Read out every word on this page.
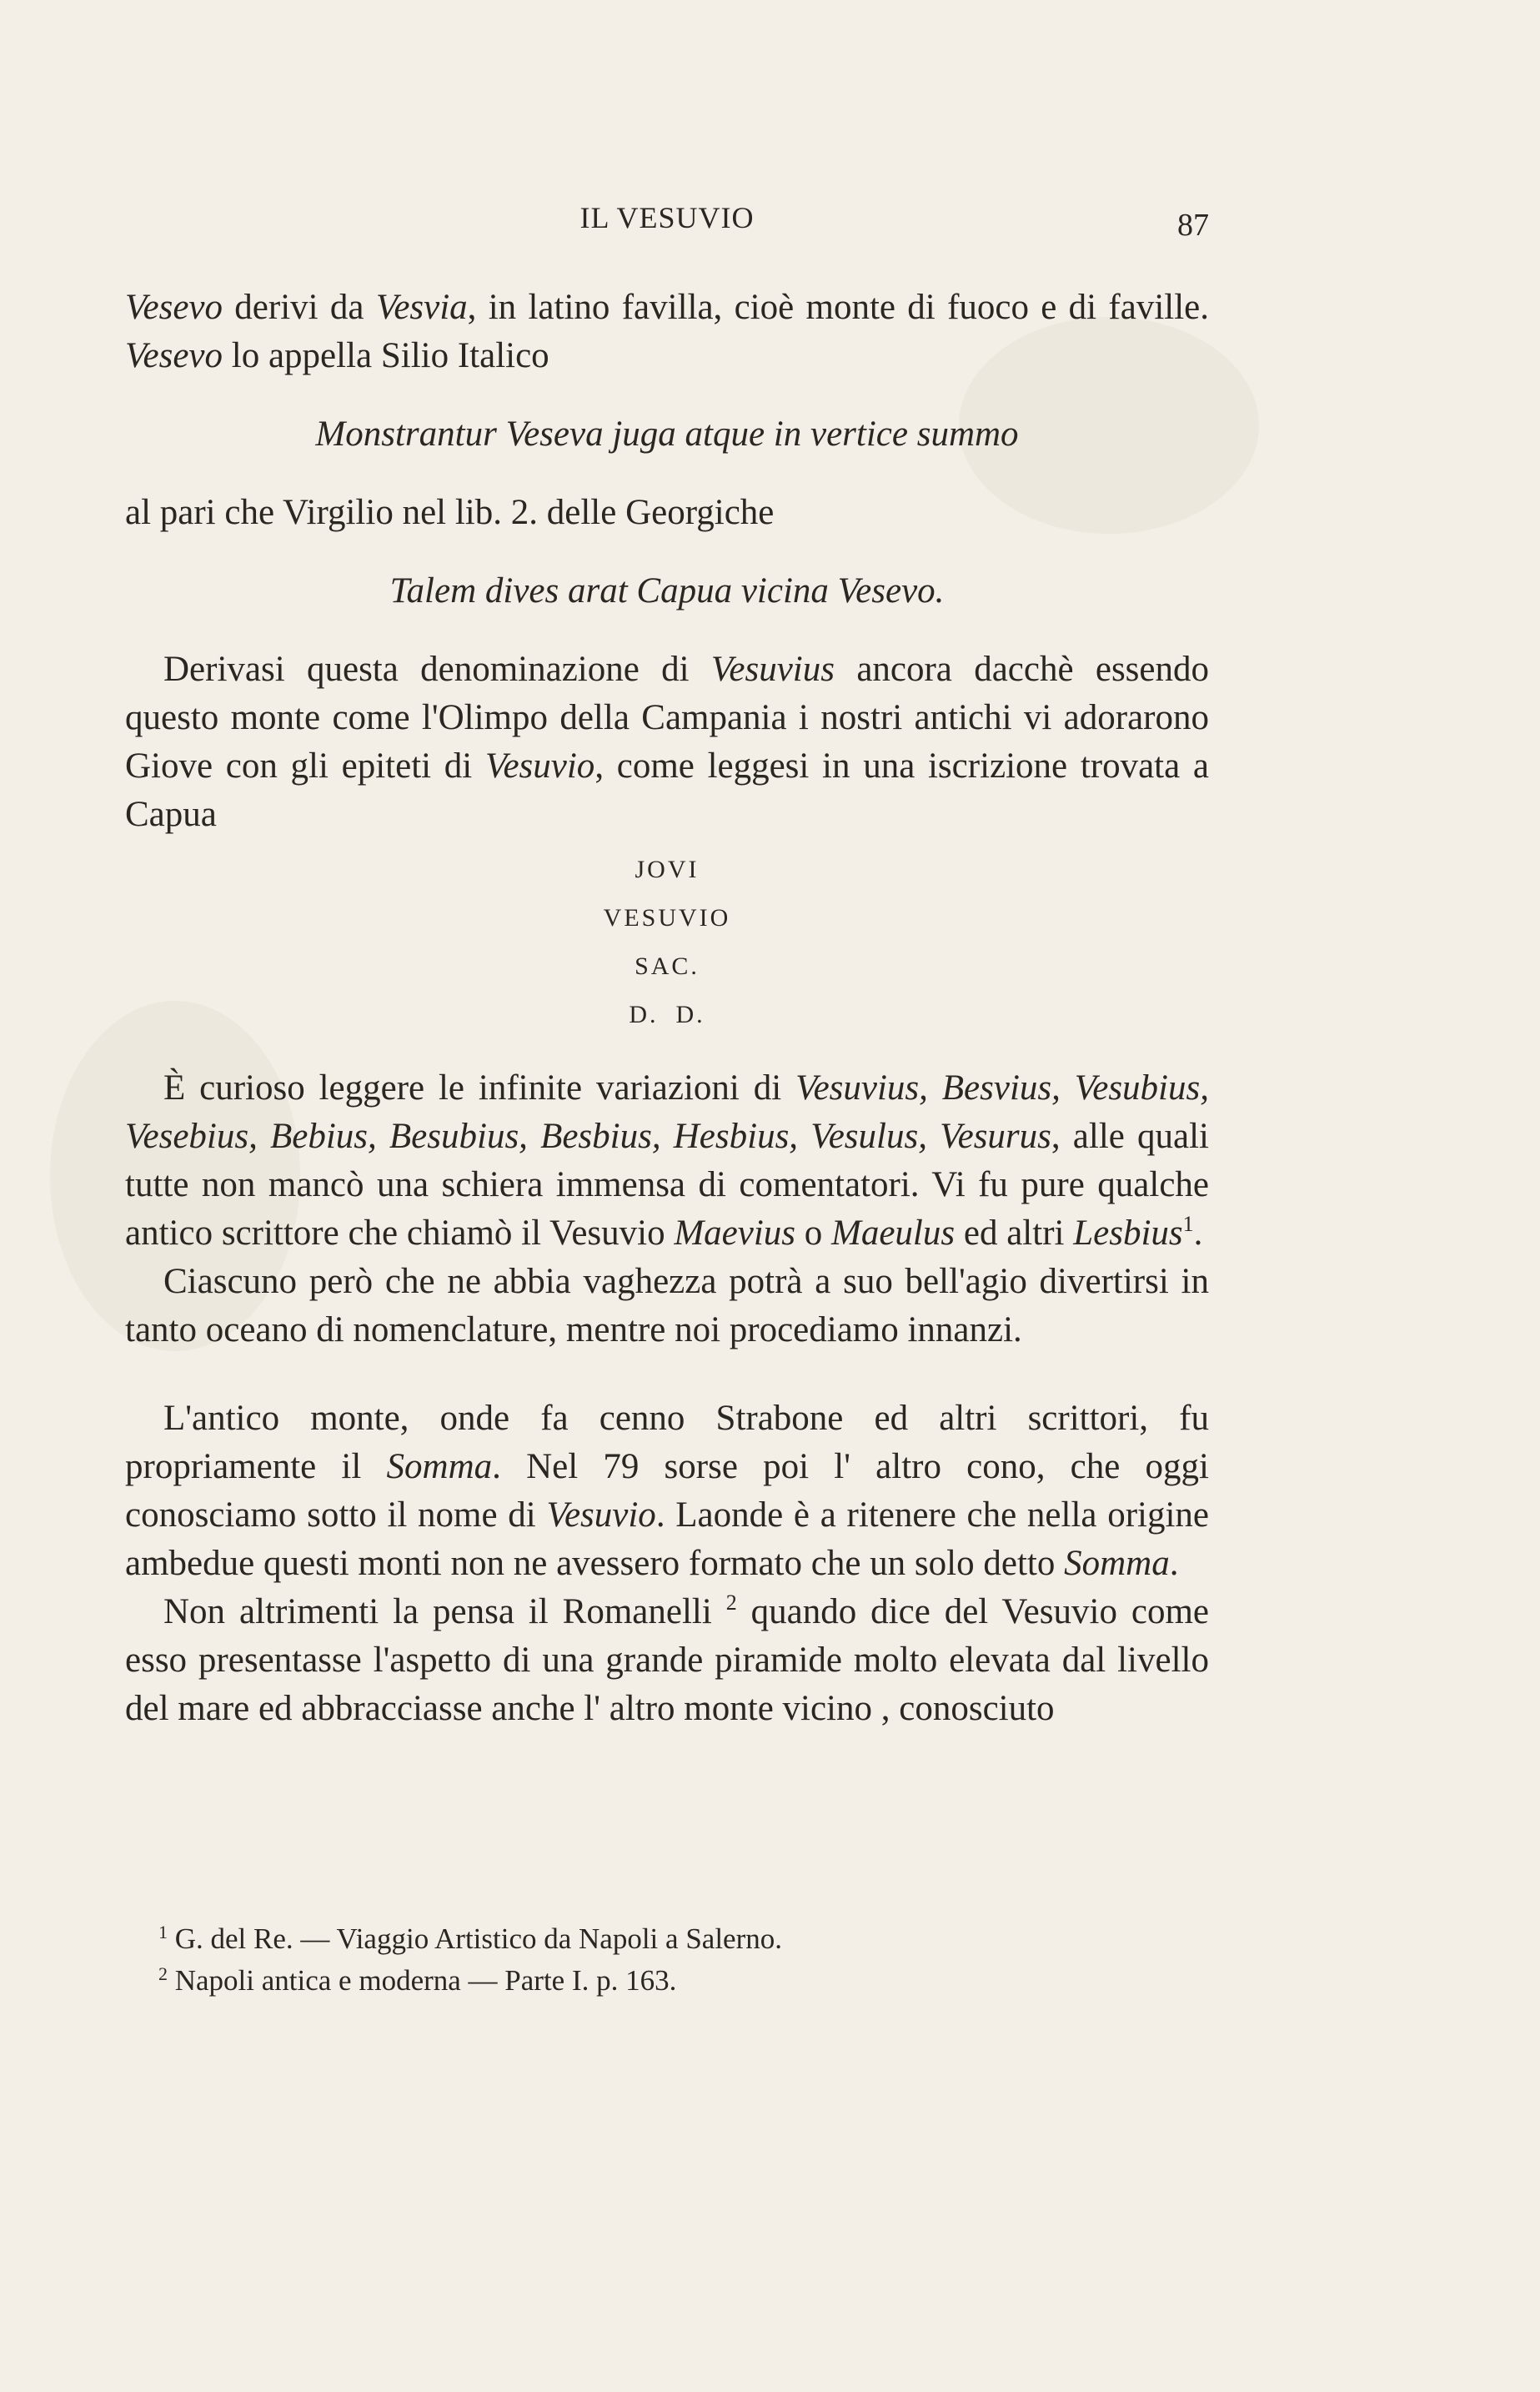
IL VESUVIO	87

Vesevo derivi da Vesvia, in latino favilla, cioè monte di fuoco e di faville. Vesevo lo appella Silio Italico

Monstrantur Veseva juga atque in vertice summo

al pari che Virgilio nel lib. 2. delle Georgiche

Talem dives arat Capua vicina Vesevo.

Derivasi questa denominazione di Vesuvius ancora dacchè essendo questo monte come l'Olimpo della Campania i nostri antichi vi adorarono Giove con gli epiteti di Vesuvio, come leggesi in una iscrizione trovata a Capua

JOVI
VESUVIO
SAC.
D.  D.

È curioso leggere le infinite variazioni di Vesuvius, Besvius, Vesubius, Vesebius, Bebius, Besubius, Besbius, Hesbius, Vesulus, Vesurus, alle quali tutte non mancò una schiera immensa di comentatori. Vi fu pure qualche antico scrittore che chiamò il Vesuvio Maevius o Maeulus ed altri Lesbius$^1$.

Ciascuno però che ne abbia vaghezza potrà a suo bell'agio divertirsi in tanto oceano di nomenclature, mentre noi procediamo innanzi.

L'antico monte, onde fa cenno Strabone ed altri scrittori, fu propriamente il Somma. Nel 79 sorse poi l' altro cono, che oggi conosciamo sotto il nome di Vesuvio. Laonde è a ritenere che nella origine ambedue questi monti non ne avessero formato che un solo detto Somma.

Non altrimenti la pensa il Romanelli $^2$ quando dice del Vesuvio come esso presentasse l'aspetto di una grande piramide molto elevata dal livello del mare ed abbracciasse anche l' altro monte vicino , conosciuto

$^1$ G. del Re. — Viaggio Artistico da Napoli a Salerno.
$^2$ Napoli antica e moderna — Parte I. p. 163.
